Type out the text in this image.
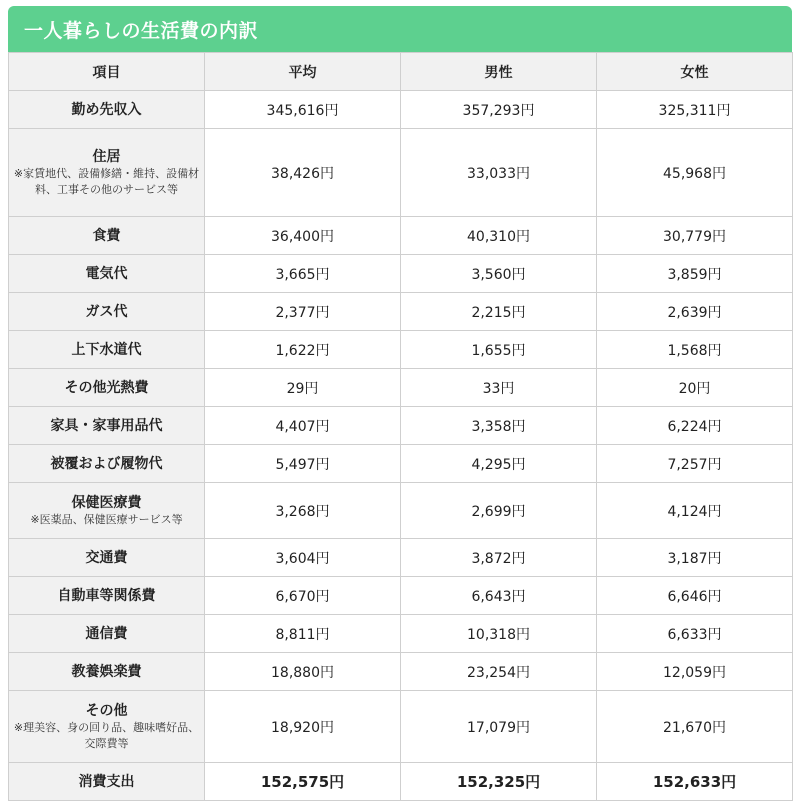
一人暮らしの生活費の内訳
項目	平均	男性	女性

勤め先収入	345,616円	357,293円	325,311円

住居
※家賃地代、設備修繕・維持、設備材料、工事その他のサービス等	38,426円	33,033円	45,968円

食費	36,400円	40,310円	30,779円

電気代	3,665円	3,560円	3,859円

ガス代	2,377円	2,215円	2,639円

上下水道代	1,622円	1,655円	1,568円

その他光熱費	29円	33円	20円

家具・家事用品代	4,407円	3,358円	6,224円

被覆および履物代	5,497円	4,295円	7,257円

保健医療費
※医薬品、保健医療サービス等	3,268円	2,699円	4,124円

交通費	3,604円	3,872円	3,187円

自動車等関係費	6,670円	6,643円	6,646円

通信費	8,811円	10,318円	6,633円

教養娯楽費	18,880円	23,254円	12,059円

その他
※理美容、身の回り品、趣味嗜好品、交際費等	18,920円	17,079円	21,670円

消費支出	152,575円	152,325円	152,633円
